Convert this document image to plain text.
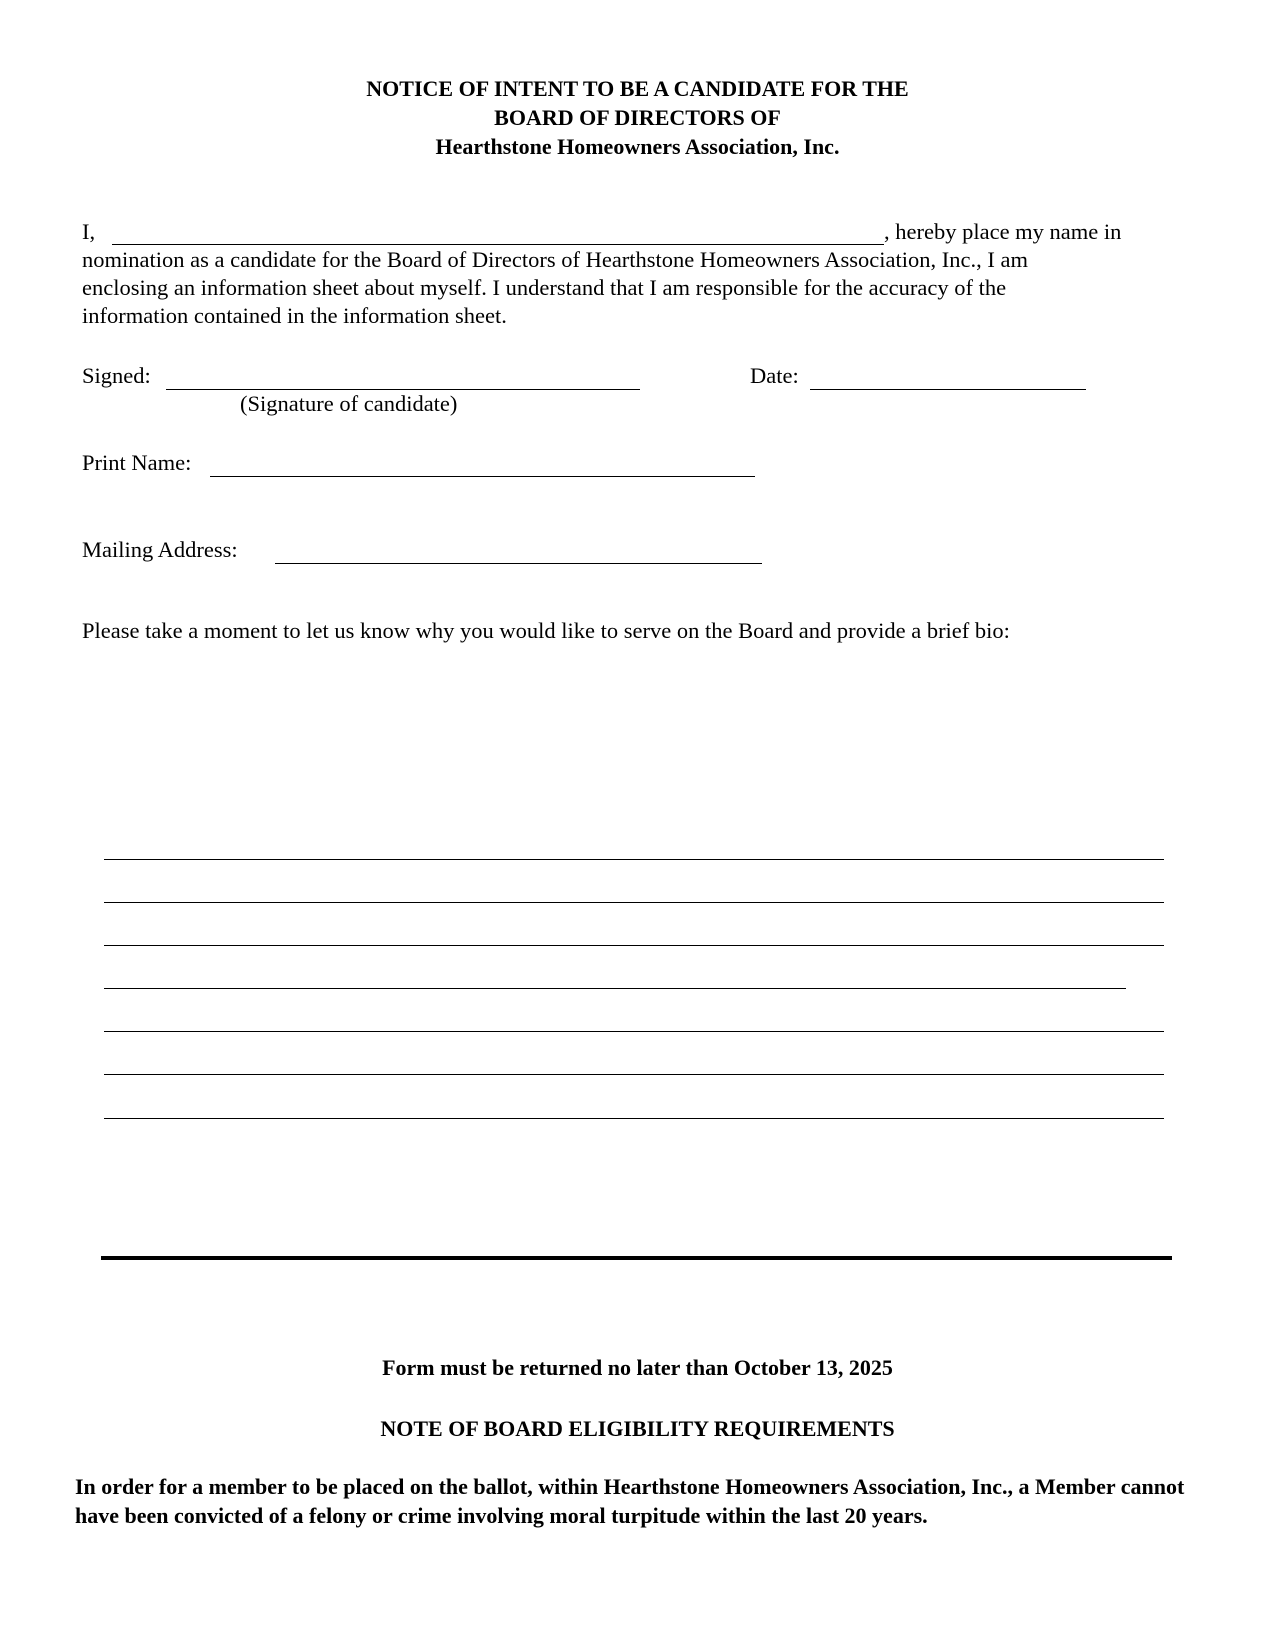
NOTICE OF INTENT TO BE A CANDIDATE FOR THE
BOARD OF DIRECTORS OF
Hearthstone Homeowners Association, Inc.
I,	, hereby place my name in
nomination as a candidate for the Board of Directors of Hearthstone Homeowners Association, Inc., I am
enclosing an information sheet about myself. I understand that I am responsible for the accuracy of the
information contained in the information sheet.
Signed:
(Signature of candidate)
Date:
Print Name:
Mailing Address:
Please take a moment to let us know why you would like to serve on the Board and provide a brief bio:
Form must be returned no later than October 13, 2025
NOTE OF BOARD ELIGIBILITY REQUIREMENTS
In order for a member to be placed on the ballot, within Hearthstone Homeowners Association, Inc., a Member cannot have been convicted of a felony or crime involving moral turpitude within the last 20 years.
